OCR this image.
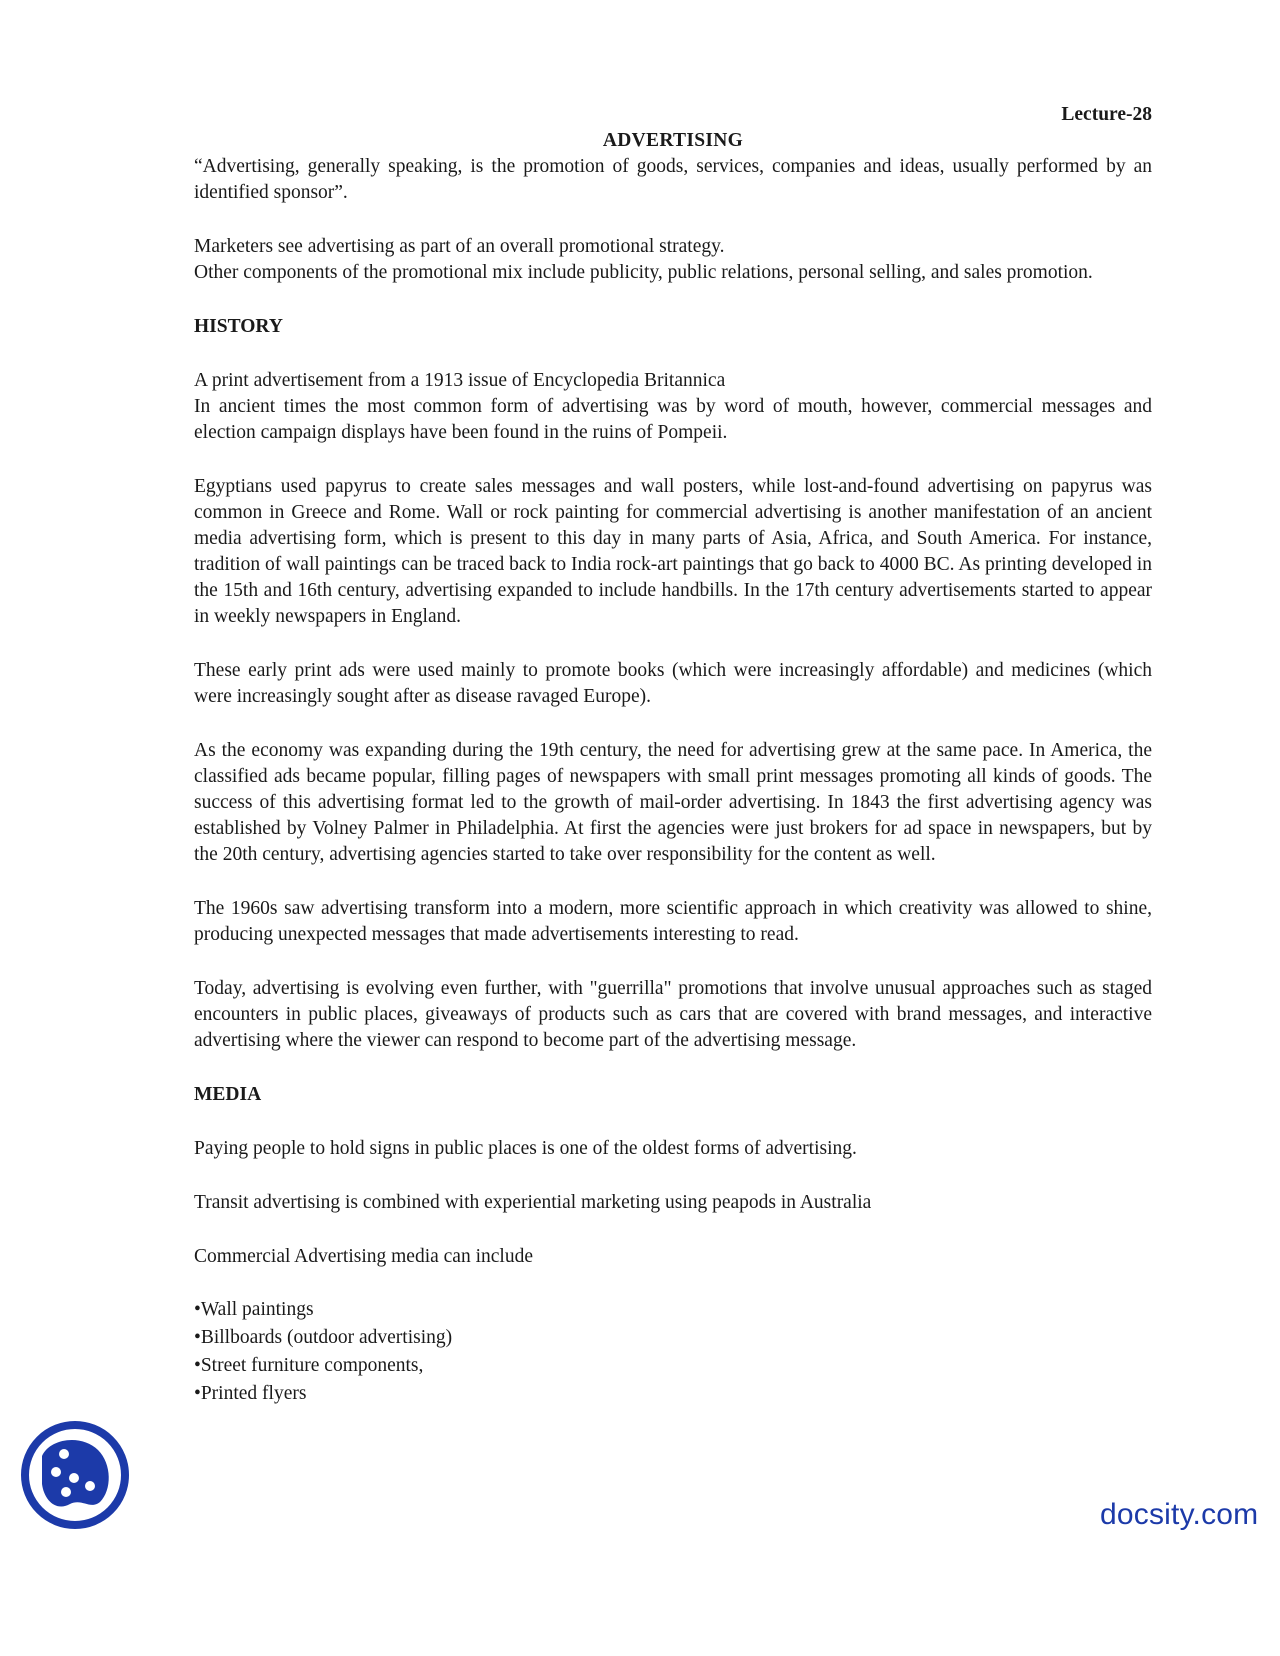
Lecture-28
ADVERTISING

“Advertising, generally speaking, is the promotion of goods, services, companies and ideas, usually performed by an identified sponsor”.

Marketers see advertising as part of an overall promotional strategy.

Other components of the promotional mix include publicity, public relations, personal selling, and sales promotion.

HISTORY

A print advertisement from a 1913 issue of Encyclopedia Britannica

In ancient times the most common form of advertising was by word of mouth, however, commercial messages and election campaign displays have been found in the ruins of Pompeii.

Egyptians used papyrus to create sales messages and wall posters, while lost-and-found advertising on papyrus was common in Greece and Rome. Wall or rock painting for commercial advertising is another manifestation of an ancient media advertising form, which is present to this day in many parts of Asia, Africa, and South America. For instance, tradition of wall paintings can be traced back to India rock-art paintings that go back to 4000 BC. As printing developed in the 15th and 16th century, advertising expanded to include handbills. In the 17th century advertisements started to appear in weekly newspapers in England.

These early print ads were used mainly to promote books (which were increasingly affordable) and medicines (which were increasingly sought after as disease ravaged Europe).

As the economy was expanding during the 19th century, the need for advertising grew at the same pace. In America, the classified ads became popular, filling pages of newspapers with small print messages promoting all kinds of goods. The success of this advertising format led to the growth of mail-order advertising. In 1843 the first advertising agency was established by Volney Palmer in Philadelphia. At first the agencies were just brokers for ad space in newspapers, but by the 20th century, advertising agencies started to take over responsibility for the content as well.

The 1960s saw advertising transform into a modern, more scientific approach in which creativity was allowed to shine, producing unexpected messages that made advertisements interesting to read.

Today, advertising is evolving even further, with "guerrilla" promotions that involve unusual approaches such as staged encounters in public places, giveaways of products such as cars that are covered with brand messages, and interactive advertising where the viewer can respond to become part of the advertising message.

MEDIA

Paying people to hold signs in public places is one of the oldest forms of advertising.

Transit advertising is combined with experiential marketing using peapods in Australia

Commercial Advertising media can include

•Wall paintings
•Billboards (outdoor advertising)
•Street furniture components,
•Printed flyers
docsity.com
